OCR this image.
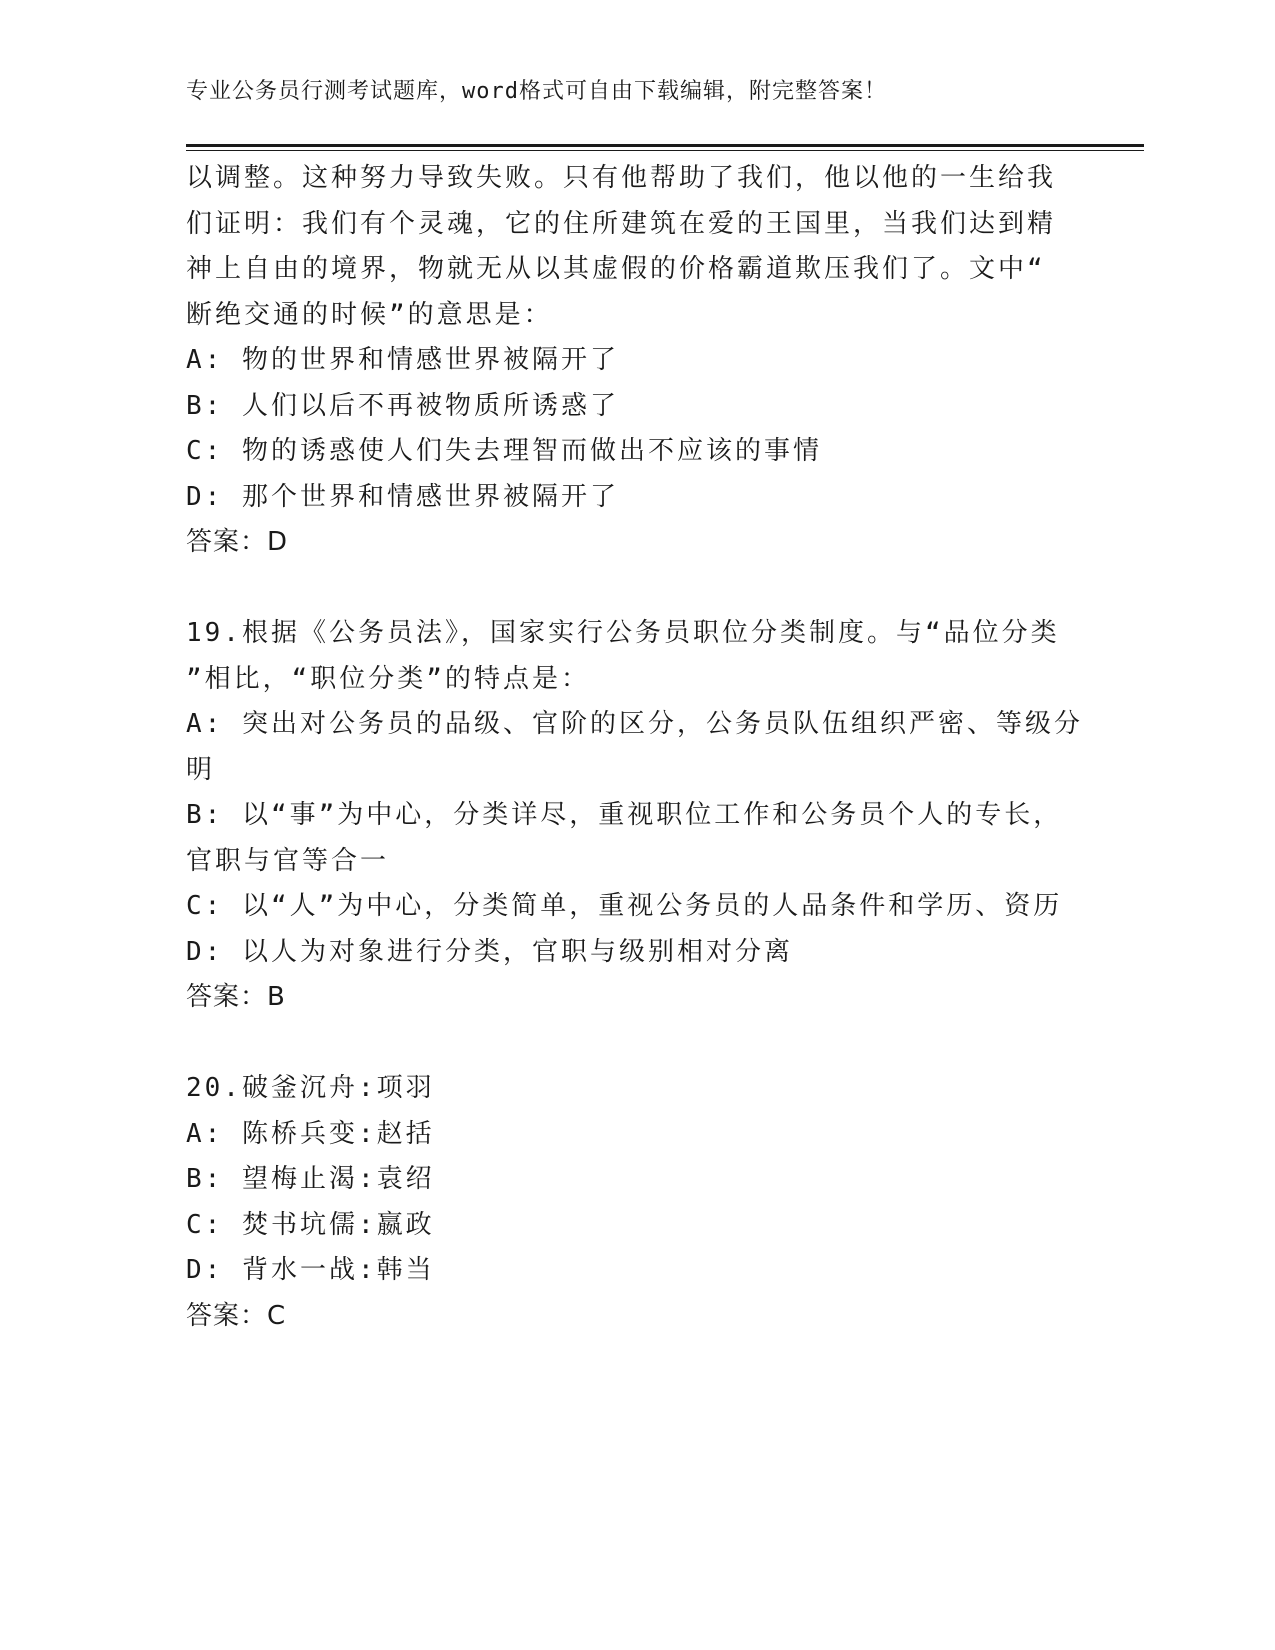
专业公务员行测考试题库，word格式可自由下载编辑，附完整答案！
以调整。这种努力导致失败。只有他帮助了我们，他以他的一生给我
们证明：我们有个灵魂，它的住所建筑在爱的王国里，当我们达到精
神上自由的境界，物就无从以其虚假的价格霸道欺压我们了。文中“
断绝交通的时候”的意思是：
A: 物的世界和情感世界被隔开了
B: 人们以后不再被物质所诱惑了
C: 物的诱惑使人们失去理智而做出不应该的事情
D: 那个世界和情感世界被隔开了
答案：D
19.根据《公务员法》，国家实行公务员职位分类制度。与“品位分类
”相比，“职位分类”的特点是：
A: 突出对公务员的品级、官阶的区分，公务员队伍组织严密、等级分
明
B: 以“事”为中心，分类详尽，重视职位工作和公务员个人的专长，
官职与官等合一
C: 以“人”为中心，分类简单，重视公务员的人品条件和学历、资历
D: 以人为对象进行分类，官职与级别相对分离
答案：B
20.破釜沉舟:项羽
A: 陈桥兵变:赵括
B: 望梅止渴:袁绍
C: 焚书坑儒:嬴政
D: 背水一战:韩当
答案：C
